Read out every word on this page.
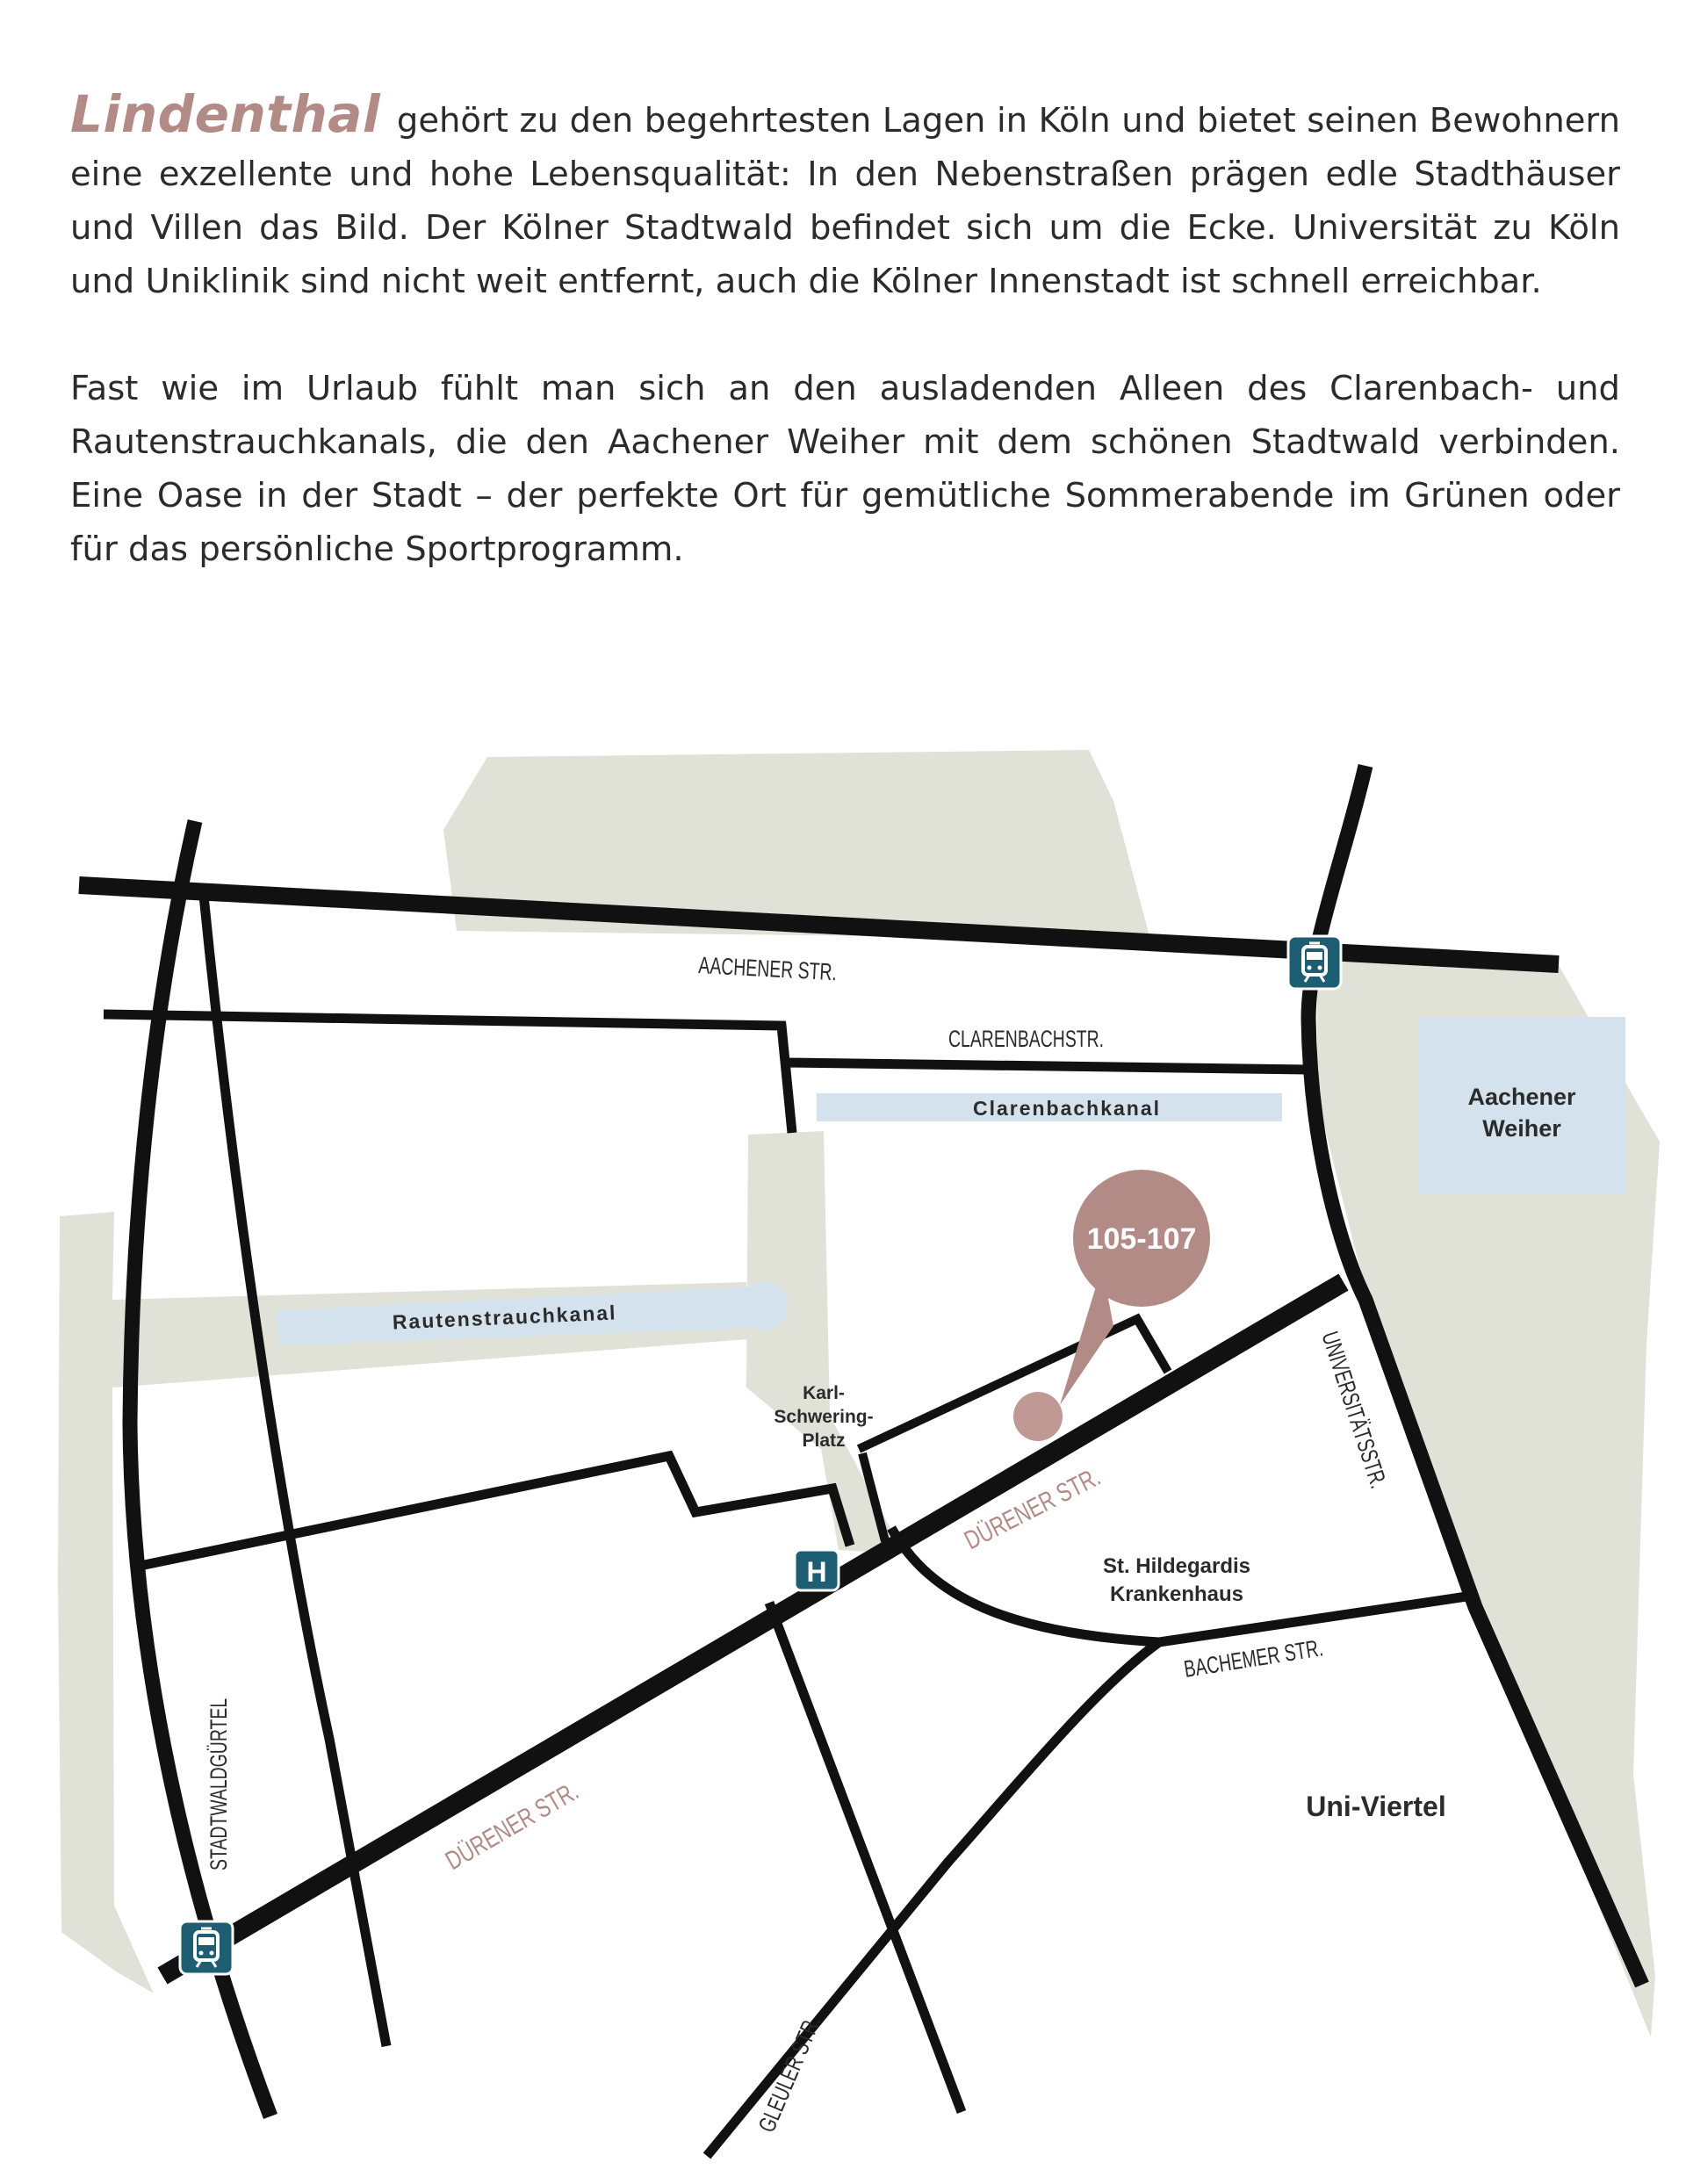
Lindenthal gehört zu den begehrtesten Lagen in Köln und bietet seinen Bewohnern eine exzellente und hohe Lebensqualität: In den Nebenstraßen prägen edle Stadthäuser und Villen das Bild. Der Kölner Stadtwald befindet sich um die Ecke. Universität zu Köln und Uniklinik sind nicht weit entfernt, auch die Kölner Innenstadt ist schnell erreichbar.

Fast wie im Urlaub fühlt man sich an den ausladenden Alleen des Clarenbach- und Rautenstrauchkanals, die den Aachener Weiher mit dem schönen Stadtwald verbinden. Eine Oase in der Stadt – der perfekte Ort für gemütliche Sommerabende im Grünen oder für das persönliche Sportprogramm.

AACHENER STR.
CLARENBACHSTR.
DÜRENER STR.
DÜRENER STR.
UNIVERSITÄTSSTR.
BACHEMER STR.
STADTWALDGÜRTEL
GLEULER STR.
Clarenbachkanal
Rautenstrauchkanal
Aachener
Weiher
Karl-
Schwering-
Platz
St. Hildegardis
Krankenhaus
Uni-Viertel
105-107
H
